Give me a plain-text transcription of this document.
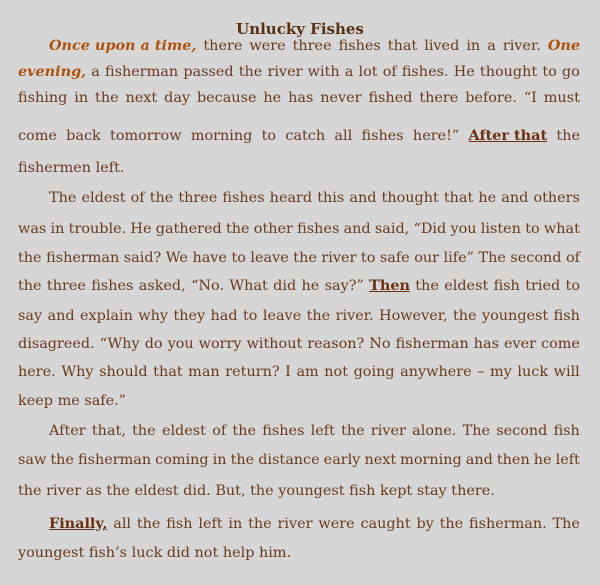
Unlucky Fishes
Once upon a time, there were three fishes that lived in a river. One
evening, a fisherman passed the river with a lot of fishes. He thought to go
fishing in the next day because he has never fished there before. “I must
come back tomorrow morning to catch all fishes here!” After that the
fishermen left.
The eldest of the three fishes heard this and thought that he and others
was in trouble. He gathered the other fishes and said, “Did you listen to what
the fisherman said? We have to leave the river to safe our life” The second of
the three fishes asked, “No. What did he say?” Then the eldest fish tried to
say and explain why they had to leave the river. However, the youngest fish
disagreed. “Why do you worry without reason? No fisherman has ever come
here. Why should that man return? I am not going anywhere – my luck will
keep me safe.”
After that, the eldest of the fishes left the river alone. The second fish
saw the fisherman coming in the distance early next morning and then he left
the river as the eldest did. But, the youngest fish kept stay there.
Finally, all the fish left in the river were caught by the fisherman. The
youngest fish’s luck did not help him.
